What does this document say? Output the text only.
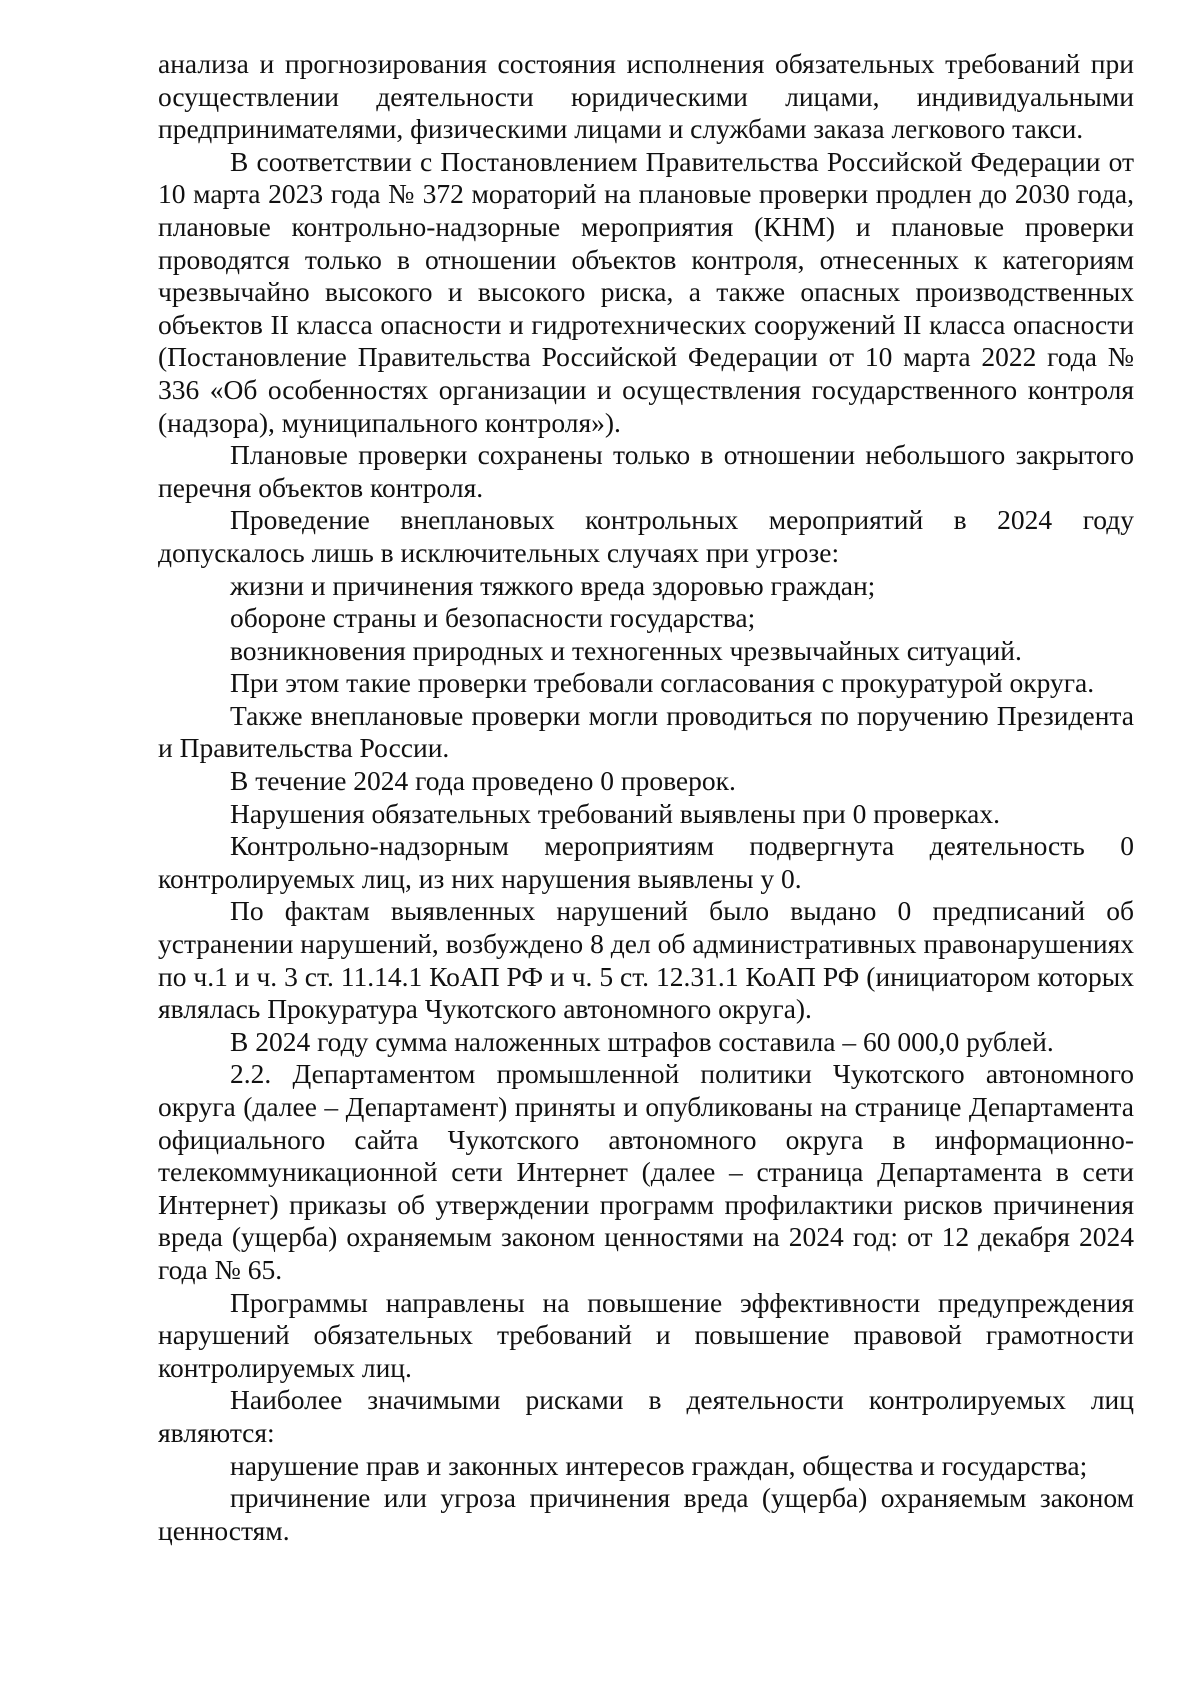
анализа и прогнозирования состояния исполнения обязательных требований при осуществлении деятельности юридическими лицами, индивидуальными предпринимателями, физическими лицами и службами заказа легкового такси.

В соответствии с Постановлением Правительства Российской Федерации от 10 марта 2023 года № 372 мораторий на плановые проверки продлен до 2030 года, плановые контрольно-надзорные мероприятия (КНМ) и плановые проверки проводятся только в отношении объектов контроля, отнесенных к категориям чрезвычайно высокого и высокого риска, а также опасных производственных объектов II класса опасности и гидротехнических сооружений II класса опасности (Постановление Правительства Российской Федерации от 10 марта 2022 года № 336 «Об особенностях организации и осуществления государственного контроля (надзора), муниципального контроля»).

Плановые проверки сохранены только в отношении небольшого закрытого перечня объектов контроля.

Проведение внеплановых контрольных мероприятий в 2024 году допускалось лишь в исключительных случаях при угрозе:

жизни и причинения тяжкого вреда здоровью граждан;

обороне страны и безопасности государства;

возникновения природных и техногенных чрезвычайных ситуаций.

При этом такие проверки требовали согласования с прокуратурой округа.

Также внеплановые проверки могли проводиться по поручению Президента и Правительства России.

В течение 2024 года проведено 0 проверок.

Нарушения обязательных требований выявлены при 0 проверках.

Контрольно-надзорным мероприятиям подвергнута деятельность 0 контролируемых лиц, из них нарушения выявлены у 0.

По фактам выявленных нарушений было выдано 0 предписаний об устранении нарушений, возбуждено 8 дел об административных правонарушениях по ч.1 и ч. 3 ст. 11.14.1 КоАП РФ и ч. 5 ст. 12.31.1 КоАП РФ (инициатором которых являлась Прокуратура Чукотского автономного округа).

В 2024 году сумма наложенных штрафов составила – 60 000,0 рублей.

2.2. Департаментом промышленной политики Чукотского автономного округа (далее – Департамент) приняты и опубликованы на странице Департамента официального сайта Чукотского автономного округа в информационно-телекоммуникационной сети Интернет (далее – страница Департамента в сети Интернет) приказы об утверждении программ профилактики рисков причинения вреда (ущерба) охраняемым законом ценностями на 2024 год: от 12 декабря 2024 года № 65.

Программы направлены на повышение эффективности предупреждения нарушений обязательных требований и повышение правовой грамотности контролируемых лиц.

Наиболее значимыми рисками в деятельности контролируемых лиц являются:

нарушение прав и законных интересов граждан, общества и государства;

причинение или угроза причинения вреда (ущерба) охраняемым законом ценностям.
